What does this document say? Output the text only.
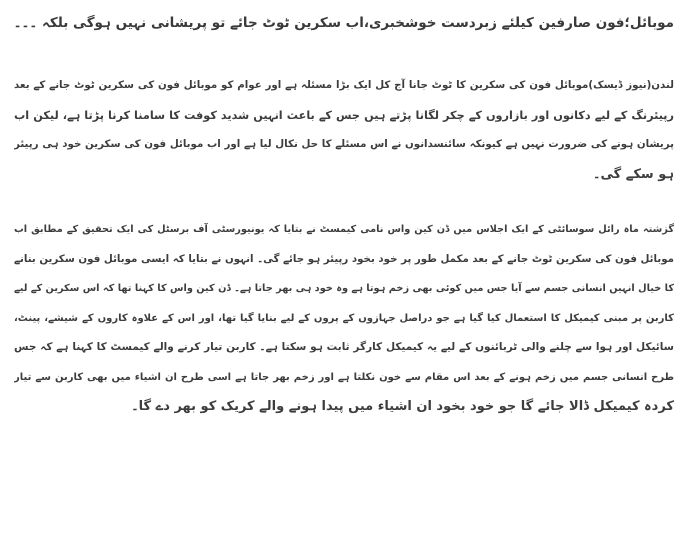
موبائل؛فون صارفین کیلئے زبردست خوشخبری،اب سکرین ٹوٹ جائے تو پریشانی نہیں ہوگی بلکہ ۔۔۔

لندن(نیوز ڈیسک)موبائل فون کی سکرین کا ٹوٹ جانا آج کل ایک بڑا مسئلہ ہے اور عوام کو موبائل فون کی سکرین ٹوٹ جانے کے بعد
رپیئرنگ کے لیے دکانوں اور بازاروں کے چکر لگانا پڑتے ہیں جس کے باعث انہیں شدید کوفت کا سامنا کرنا پڑتا ہے، لیکن اب
پریشان ہونے کی ضرورت نہیں ہے کیونکہ سائنسدانوں نے اس مسئلے کا حل نکال لیا ہے اور اب موبائل فون کی سکرین خود ہی رپیئر
ہو سکے گی۔

گزشتہ ماہ رائل سوسائٹی کے ایک اجلاس میں ڈن کین واس نامی کیمسٹ نے بتایا کہ یونیورسٹی آف برسٹل کی ایک تحقیق کے مطابق اب
موبائل فون کی سکرین ٹوٹ جانے کے بعد مکمل طور پر خود بخود رپیئر ہو جائے گی۔ انہوں نے بتایا کہ ایسی موبائل فون سکرین بنانے
کا خیال انہیں انسانی جسم سے آیا جس میں کوئی بھی زخم ہوتا ہے وہ خود ہی بھر جاتا ہے۔ ڈن کین واس کا کہنا تھا کہ اس سکرین کے لیے
کاربن پر مبنی کیمیکل کا استعمال کیا گیا ہے جو دراصل جہازوں کے پروں کے لیے بنایا گیا تھا، اور اس کے علاوہ کاروں کے شیشے، پینٹ،
سائیکل اور ہوا سے چلنے والی ٹربائنوں کے لیے یہ کیمیکل کارگر ثابت ہو سکتا ہے۔ کاربن تیار کرنے والے کیمسٹ کا کہنا ہے کہ جس
طرح انسانی جسم میں زخم ہونے کے بعد اس مقام سے خون نکلتا ہے اور زخم بھر جاتا ہے اسی طرح ان اشیاء میں بھی کاربن سے تیار
کردہ کیمیکل ڈالا جائے گا جو خود بخود ان اشیاء میں پیدا ہونے والے کریک کو بھر دے گا۔
